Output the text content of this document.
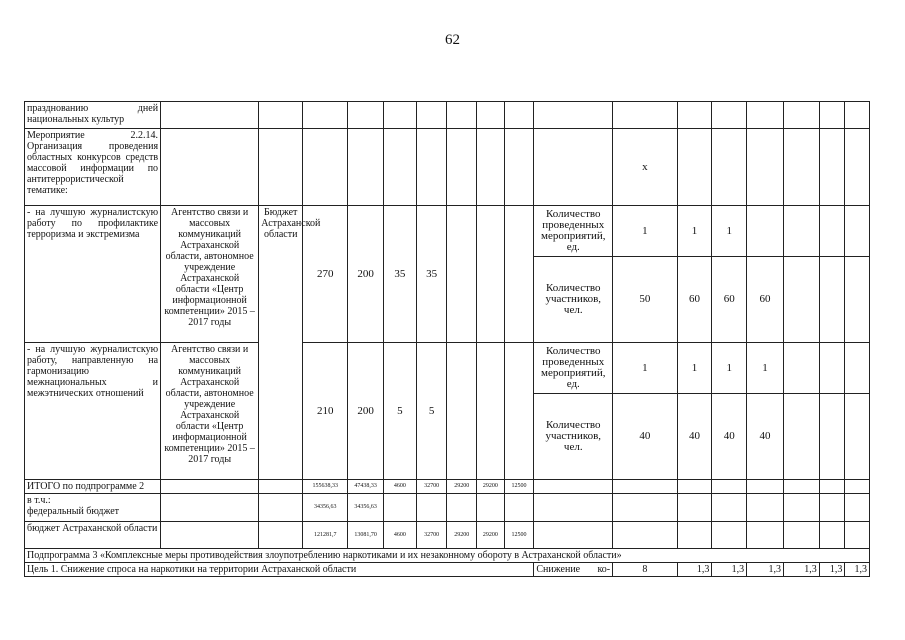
62
празднованию дней национальных культур																	
Мероприятие 2.2.14. Организация проведения областных конкурсов средств массовой информации по антитеррористической тематике:											х						
- на лучшую журналистскую работу по профилактике терроризма и экстремизма	Агентство связи и массовых коммуникаций Астраханской области, автономное учреждение Астраханской области «Центр информационной компетенции» 2015 – 2017 годы	Бюджет Астраханской области	270	200	35	35				Количество проведенных мероприятий, ед.	1	1	1				
										Количество участников, чел.	50	60	60	60			
- на лучшую журналистскую работу, направленную на гармонизацию межнациональных и межэтнических отношений	Агентство связи и массовых коммуникаций Астраханской области, автономное учреждение Астраханской области «Центр информационной компетенции» 2015 – 2017 годы		210	200	5	5				Количество проведенных мероприятий, ед.	1	1	1	1			
										Количество участников, чел.	40	40	40	40			
ИТОГО по подпрограмме 2			155638,33	47438,33	4600	32700	29200	29200	12500								
в т.ч.:
федеральный бюджет			34356,63	34356,63													
бюджет Астраханской области			121281,7	13081,70	4600	32700	29200	29200	12500								
Подпрограмма 3 «Комплексные меры противодействия злоупотреблению наркотиками и их незаконному обороту в Астраханской области»																	
Цель 1. Снижение спроса на наркотики на территории Астраханской области										Снижение ко-	8	1,3	1,3	1,3	1,3	1,3	1,3
